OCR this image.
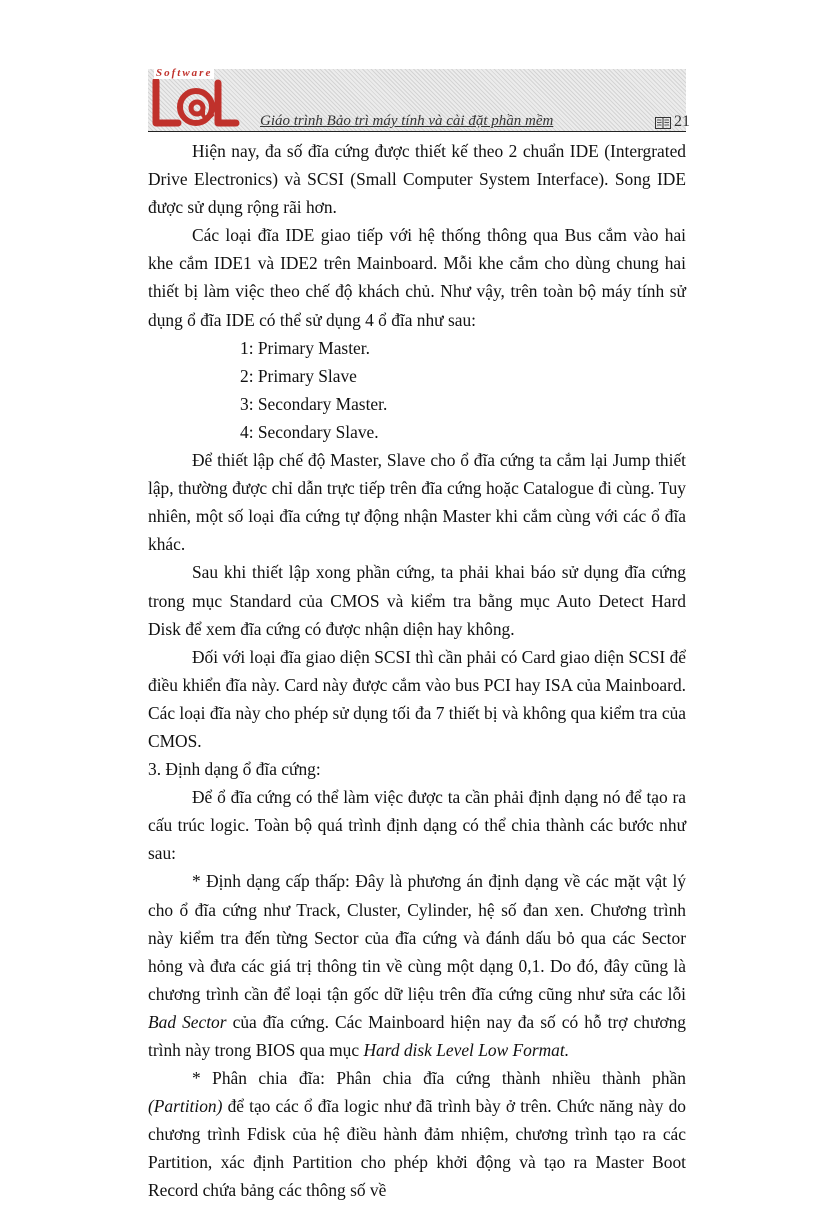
Software
Giáo trình Bảo trì máy tính và cài đặt phần mềm	21

Hiện nay, đa số đĩa cứng được thiết kế theo 2 chuẩn IDE (Intergrated Drive Electronics) và SCSI (Small Computer System Interface). Song IDE được sử dụng rộng rãi hơn.

Các loại đĩa IDE giao tiếp với hệ thống thông qua Bus cắm vào hai khe cắm IDE1 và IDE2 trên Mainboard. Mỗi khe cắm cho dùng chung hai thiết bị làm việc theo chế độ khách chủ. Như vậy, trên toàn bộ máy tính sử dụng ổ đĩa IDE có thể sử dụng 4 ổ đĩa như sau:

1: Primary Master.

2: Primary Slave

3: Secondary Master.

4: Secondary Slave.

Để thiết lập chế độ Master, Slave cho ổ đĩa cứng ta cắm lại Jump thiết lập, thường được chỉ dẫn trực tiếp trên đĩa cứng hoặc Catalogue đi cùng. Tuy nhiên, một số loại đĩa cứng tự động nhận Master khi cắm cùng với các ổ đĩa khác.

Sau khi thiết lập xong phần cứng, ta phải khai báo sử dụng đĩa cứng trong mục Standard của CMOS và kiểm tra bằng mục Auto Detect Hard Disk để xem đĩa cứng có được nhận diện hay không.

Đối với loại đĩa giao diện SCSI thì cần phải có Card giao diện SCSI để điều khiển đĩa này. Card này được cắm vào bus PCI hay ISA của Mainboard. Các loại đĩa này cho phép sử dụng tối đa 7 thiết bị và không qua kiểm tra của CMOS.

3. Định dạng ổ đĩa cứng:

Để ổ đĩa cứng có thể làm việc được ta cần phải định dạng nó để tạo ra cấu trúc logic. Toàn bộ quá trình định dạng có thể chia thành các bước như sau:

* Định dạng cấp thấp: Đây là phương án định dạng về các mặt vật lý cho ổ đĩa cứng như Track, Cluster, Cylinder, hệ số đan xen. Chương trình này kiểm tra đến từng Sector của đĩa cứng và đánh dấu bỏ qua các Sector hỏng và đưa các giá trị thông tin về cùng một dạng 0,1. Do đó, đây cũng là chương trình cần để loại tận gốc dữ liệu trên đĩa cứng cũng như sửa các lỗi Bad Sector của đĩa cứng. Các Mainboard hiện nay đa số có hỗ trợ chương trình này trong BIOS qua mục Hard disk Level Low Format.

* Phân chia đĩa: Phân chia đĩa cứng thành nhiều thành phần (Partition) để tạo các ổ đĩa logic như đã trình bày ở trên. Chức năng này do chương trình Fdisk của hệ điều hành đảm nhiệm, chương trình tạo ra các Partition, xác định Partition cho phép khởi động và tạo ra Master Boot Record chứa bảng các thông số về
